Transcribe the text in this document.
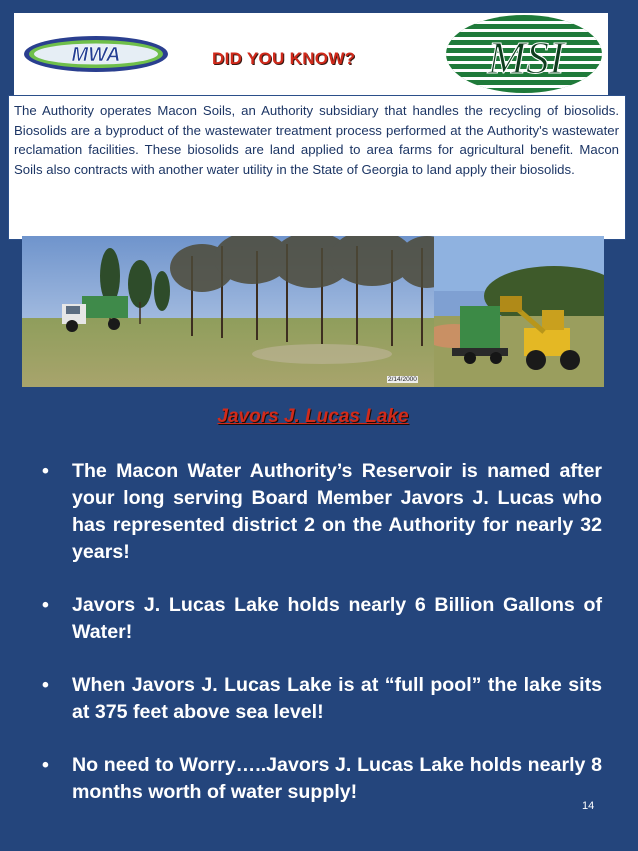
MWA	DID YOU KNOW?	MSI

The Authority operates Macon Soils, an Authority subsidiary that handles the recycling of biosolids. Biosolids are a byproduct of the wastewater treatment process performed at the Authority's wastewater reclamation facilities. These biosolids are land applied to area farms for agricultural benefit. Macon Soils also contracts with another water utility in the State of Georgia to land apply their biosolids.

2/14/2000
Javors J. Lucas Lake
• The Macon Water Authority’s Reservoir is named after your long serving Board Member Javors J. Lucas who has represented district 2 on the Authority for nearly 32 years!
• Javors J. Lucas Lake holds nearly 6 Billion Gallons of Water!
• When Javors J. Lucas Lake is at “full pool” the lake sits at 375 feet above sea level!
• No need to Worry…..Javors J. Lucas Lake holds nearly 8 months worth of water supply!
14
